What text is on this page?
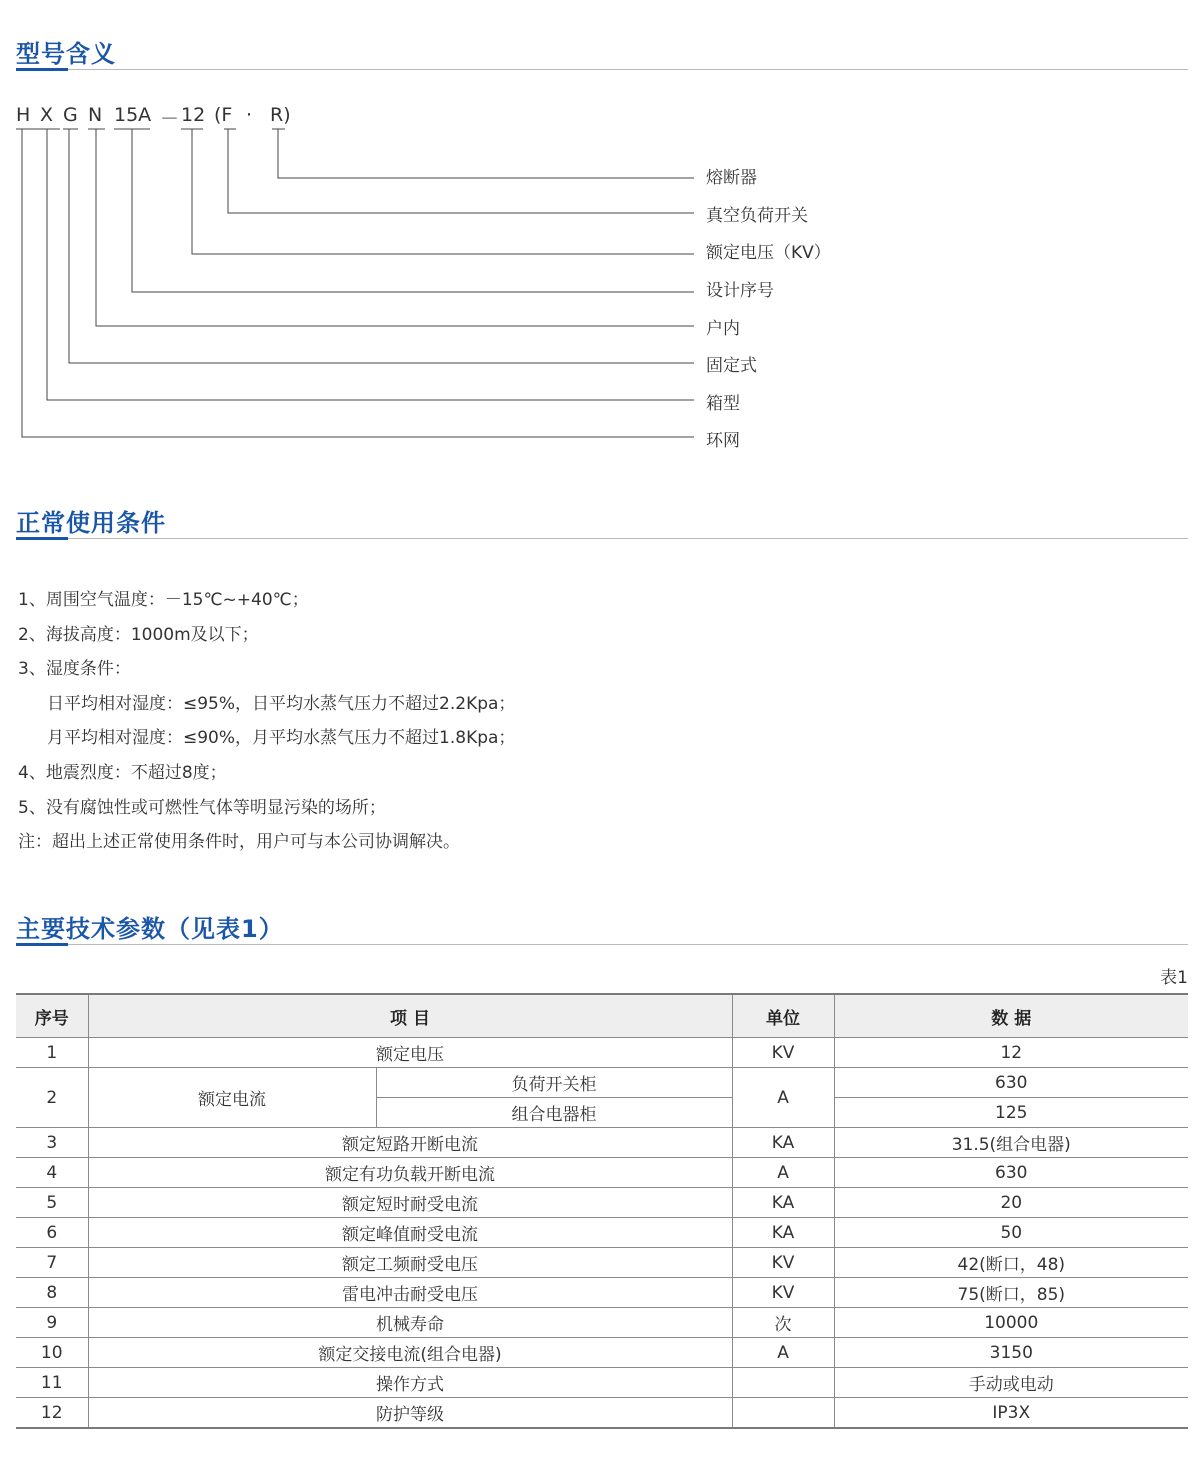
型号含义
H X G N 15A － 12 (F · R)
熔断器
真空负荷开关
额定电压（KV）
设计序号
户内
固定式
箱型
环网
正常使用条件
1、周围空气温度：－15℃~+40℃；
2、海拔高度：1000m及以下；
3、湿度条件：
日平均相对湿度：≤95%，日平均水蒸气压力不超过2.2Kpa；
月平均相对湿度：≤90%，月平均水蒸气压力不超过1.8Kpa；
4、地震烈度：不超过8度；
5、没有腐蚀性或可燃性气体等明显污染的场所；
注：超出上述正常使用条件时，用户可与本公司协调解决。
主要技术参数（见表1）
表1
序号	项 目		单位	数 据
1	额定电压		KV	12
2	额定电流	负荷开关柜	A	630
		组合电器柜		125
3	额定短路开断电流		KA	31.5(组合电器)
4	额定有功负载开断电流		A	630
5	额定短时耐受电流		KA	20
6	额定峰值耐受电流		KA	50
7	额定工频耐受电压		KV	42(断口，48)
8	雷电冲击耐受电压		KV	75(断口，85)
9	机械寿命		次	10000
10	额定交接电流(组合电器)		A	3150
11	操作方式			手动或电动
12	防护等级			IP3X
